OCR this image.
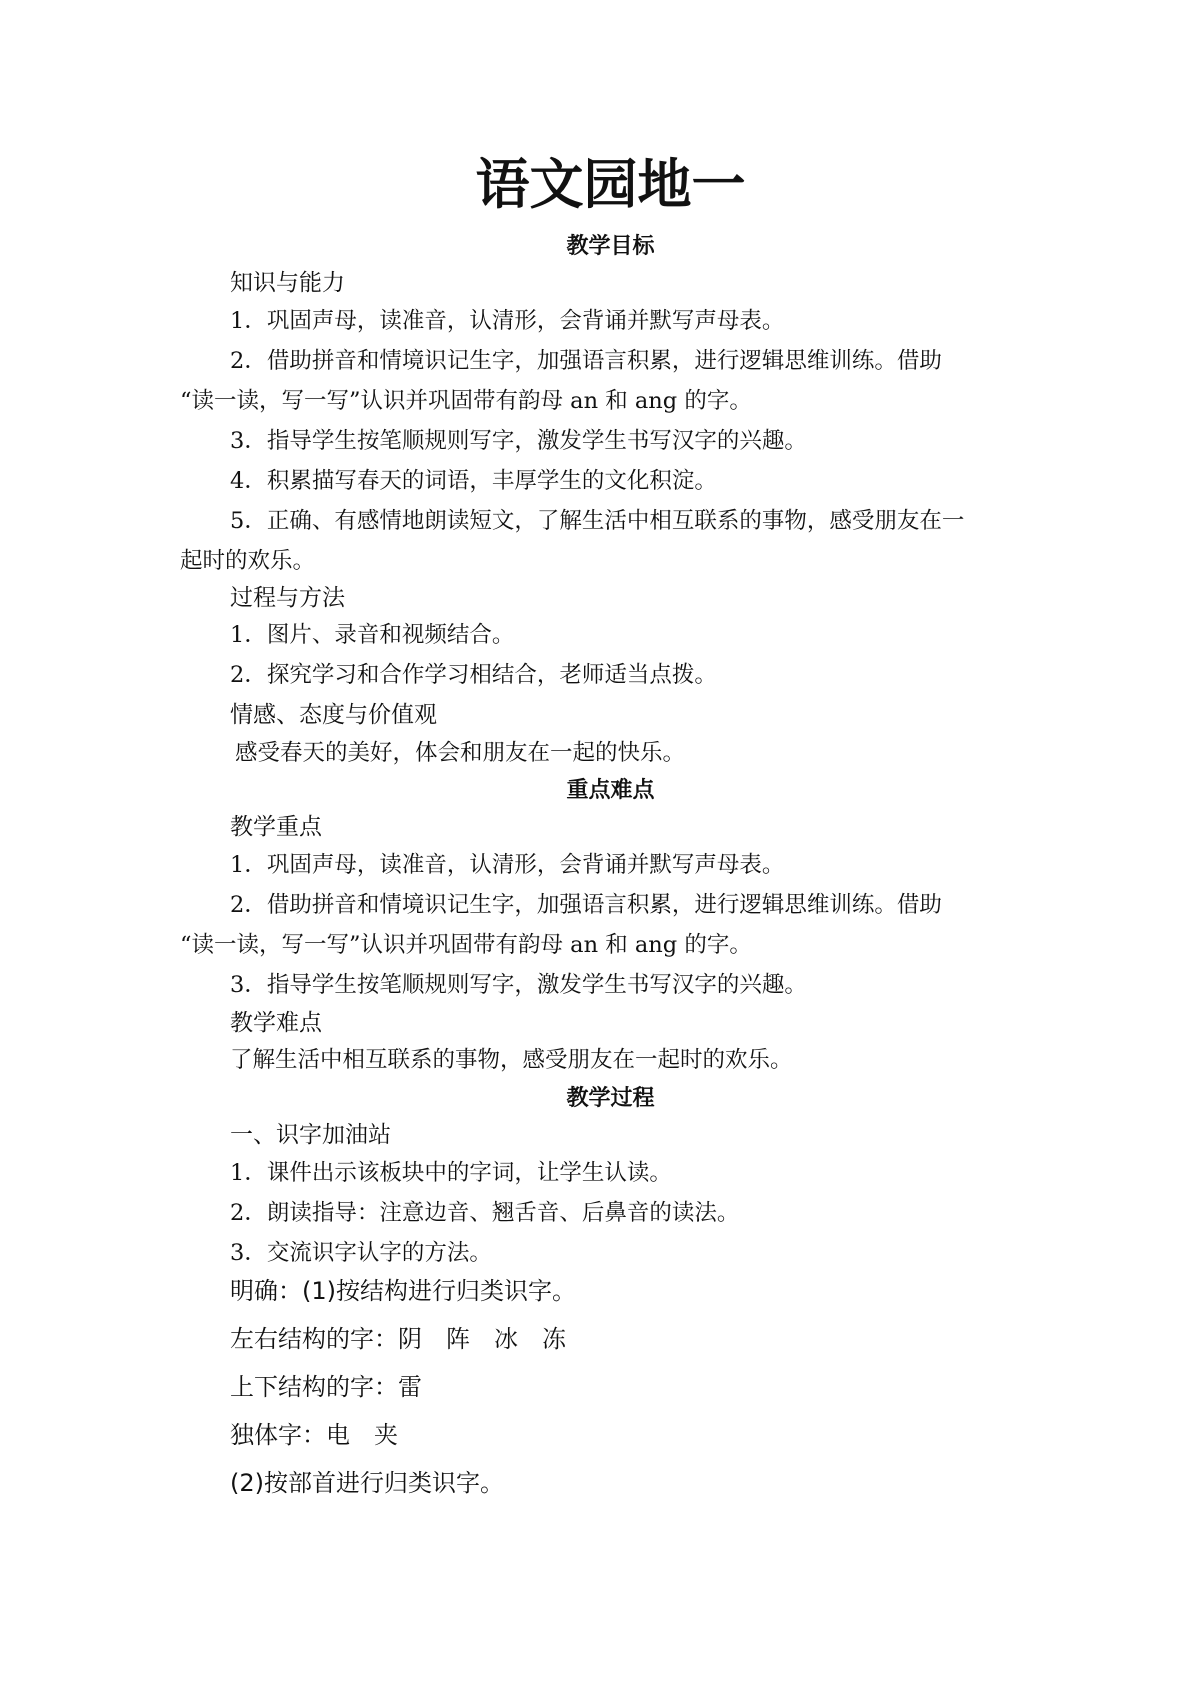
语文园地一
教学目标
知识与能力
1．巩固声母，读准音，认清形，会背诵并默写声母表。
2．借助拼音和情境识记生字，加强语言积累，进行逻辑思维训练。借助
“读一读，写一写”认识并巩固带有韵母 an 和 ang 的字。
3．指导学生按笔顺规则写字，激发学生书写汉字的兴趣。
4．积累描写春天的词语，丰厚学生的文化积淀。
5．正确、有感情地朗读短文，了解生活中相互联系的事物，感受朋友在一
起时的欢乐。
过程与方法
1．图片、录音和视频结合。
2．探究学习和合作学习相结合，老师适当点拨。
情感、态度与价值观
感受春天的美好，体会和朋友在一起的快乐。
重点难点
教学重点
1．巩固声母，读准音，认清形，会背诵并默写声母表。
2．借助拼音和情境识记生字，加强语言积累，进行逻辑思维训练。借助
“读一读，写一写”认识并巩固带有韵母 an 和 ang 的字。
3．指导学生按笔顺规则写字，激发学生书写汉字的兴趣。
教学难点
了解生活中相互联系的事物，感受朋友在一起时的欢乐。
教学过程
一、识字加油站
1．课件出示该板块中的字词，让学生认读。
2．朗读指导：注意边音、翘舌音、后鼻音的读法。
3．交流识字认字的方法。
明确：(1)按结构进行归类识字。
左右结构的字：阴　阵　冰　冻
上下结构的字：雷
独体字：电　夹
(2)按部首进行归类识字。
